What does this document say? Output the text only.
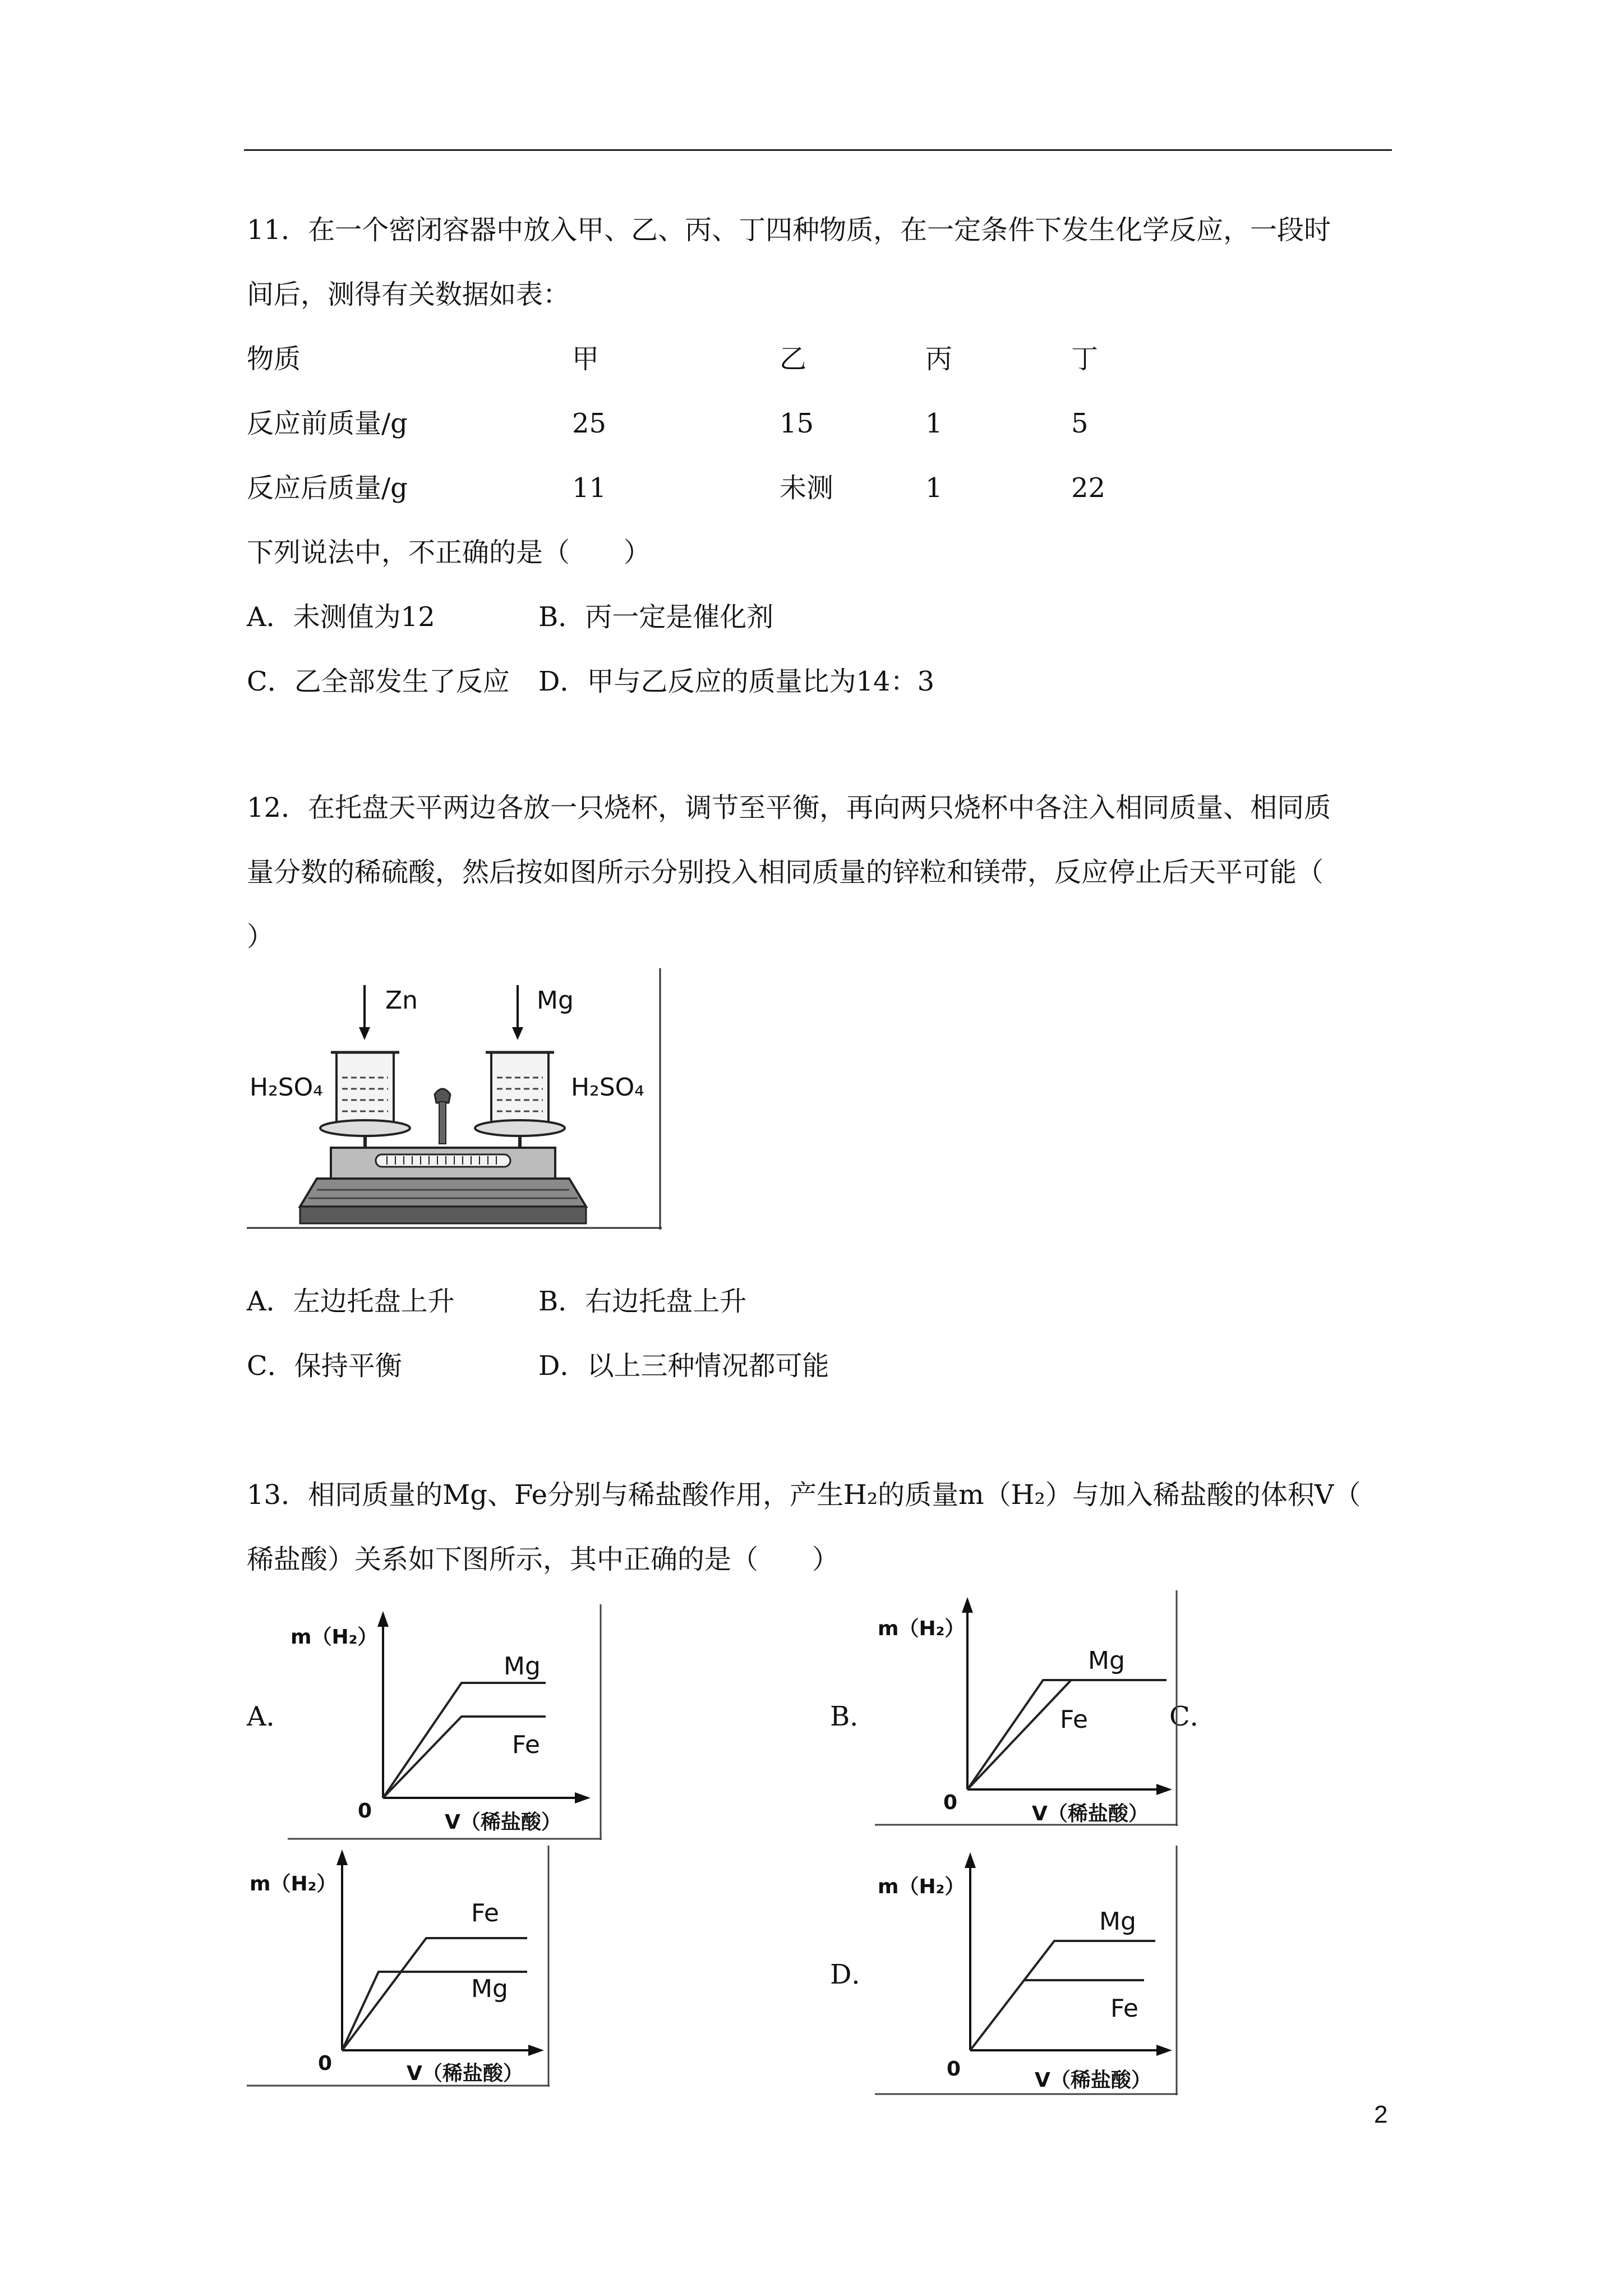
11．在一个密闭容器中放入甲、乙、丙、丁四种物质，在一定条件下发生化学反应，一段时
间后，测得有关数据如表：
物质	甲	乙	丙	丁
反应前质量/g	25	15	1	5
反应后质量/g	11	未测	1	22
下列说法中，不正确的是（　　）
A．未测值为12	B．丙一定是催化剂
C．乙全部发生了反应 D．甲与乙反应的质量比为14：3
12．在托盘天平两边各放一只烧杯，调节至平衡，再向两只烧杯中各注入相同质量、相同质
量分数的稀硫酸，然后按如图所示分别投入相同质量的锌粒和镁带，反应停止后天平可能（
）
Zn	Mg
H₂SO₄	H₂SO₄
A．左边托盘上升	B．右边托盘上升
C．保持平衡	D．以上三种情况都可能
13．相同质量的Mg、Fe分别与稀盐酸作用，产生H₂的质量m（H₂）与加入稀盐酸的体积V（
稀盐酸）关系如下图所示，其中正确的是（　　）
A．	B．	C．
D．
m（H₂）
0	V（稀盐酸）
Mg
Fe
m（H₂）
0	V（稀盐酸）
Mg
Fe
m（H₂）
0	V（稀盐酸）
Fe
Mg
m（H₂）
0	V（稀盐酸）
Mg
Fe
2
